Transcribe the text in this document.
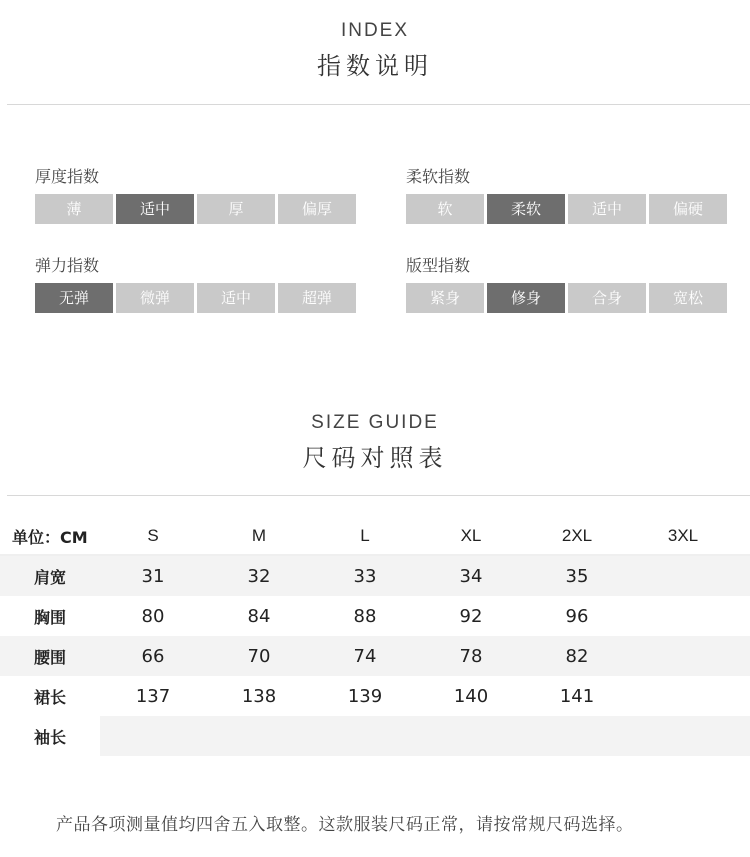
INDEX
指数说明
厚度指数
薄	适中	厚	偏厚
柔软指数
软	柔软	适中	偏硬
弹力指数
无弹	微弹	适中	超弹
版型指数
紧身	修身	合身	宽松
SIZE GUIDE
尺码对照表
单位：CM	S	M	L	XL	2XL	3XL
肩宽	31	32	33	34	35
胸围	80	84	88	92	96
腰围	66	70	74	78	82
裙长	137	138	139	140	141
袖长
产品各项测量值均四舍五入取整。这款服装尺码正常，请按常规尺码选择。
